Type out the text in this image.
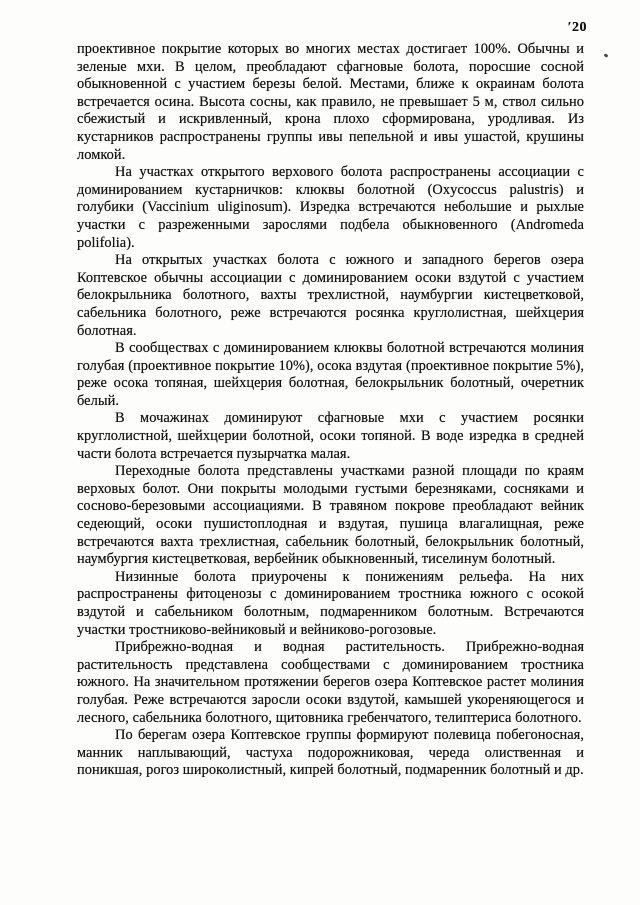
′20

проективное покрытие которых во многих местах достигает 100%. Обычны и зеленые мхи. В целом, преобладают сфагновые болота, поросшие сосной обыкновенной с участием березы белой. Местами, ближе к окраинам болота встречается осина. Высота сосны, как правило, не превышает 5 м, ствол сильно сбежистый и искривленный, крона плохо сформирована, уродливая. Из кустарников распространены группы ивы пепельной и ивы ушастой, крушины ломкой.

На участках открытого верхового болота распространены ассоциации с доминированием кустарничков: клюквы болотной (Oxycoccus palustris) и голубики (Vaccinium uliginosum). Изредка встречаются небольшие и рыхлые участки с разреженными зарослями подбела обыкновенного (Andromeda polifolia).

На открытых участках болота с южного и западного берегов озера Коптевское обычны ассоциации с доминированием осоки вздутой с участием белокрыльника болотного, вахты трехлистной, наумбургии кистецветковой, сабельника болотного, реже встречаются росянка круглолистная, шейхцерия болотная.

В сообществах с доминированием клюквы болотной встречаются молиния голубая (проективное покрытие 10%), осока вздутая (проективное покрытие 5%), реже осока топяная, шейхцерия болотная, белокрыльник болотный, очеретник белый.

В мочажинах доминируют сфагновые мхи с участием росянки круглолистной, шейхцерии болотной, осоки топяной. В воде изредка в средней части болота встречается пузырчатка малая.

Переходные болота представлены участками разной площади по краям верховых болот. Они покрыты молодыми густыми березняками, сосняками и сосново-березовыми ассоциациями. В травяном покрове преобладают вейник седеющий, осоки пушистоплодная и вздутая, пушица влагалищная, реже встречаются вахта трехлистная, сабельник болотный, белокрыльник болотный, наумбургия кистецветковая, вербейник обыкновенный, тиселинум болотный.

Низинные болота приурочены к понижениям рельефа. На них распространены фитоценозы с доминированием тростника южного с осокой вздутой и сабельником болотным, подмаренником болотным. Встречаются участки тростниково-вейниковый и вейниково-рогозовые.

Прибрежно-водная и водная растительность. Прибрежно-водная растительность представлена сообществами с доминированием тростника южного. На значительном протяжении берегов озера Коптевское растет молиния голубая. Реже встречаются заросли осоки вздутой, камышей укореняющегося и лесного, сабельника болотного, щитовника гребенчатого, телиптериса болотного.

По берегам озера Коптевское группы формируют полевица побегоносная, манник наплывающий, частуха подорожниковая, череда олиственная и поникшая, рогоз широколистный, кипрей болотный, подмаренник болотный и др.
